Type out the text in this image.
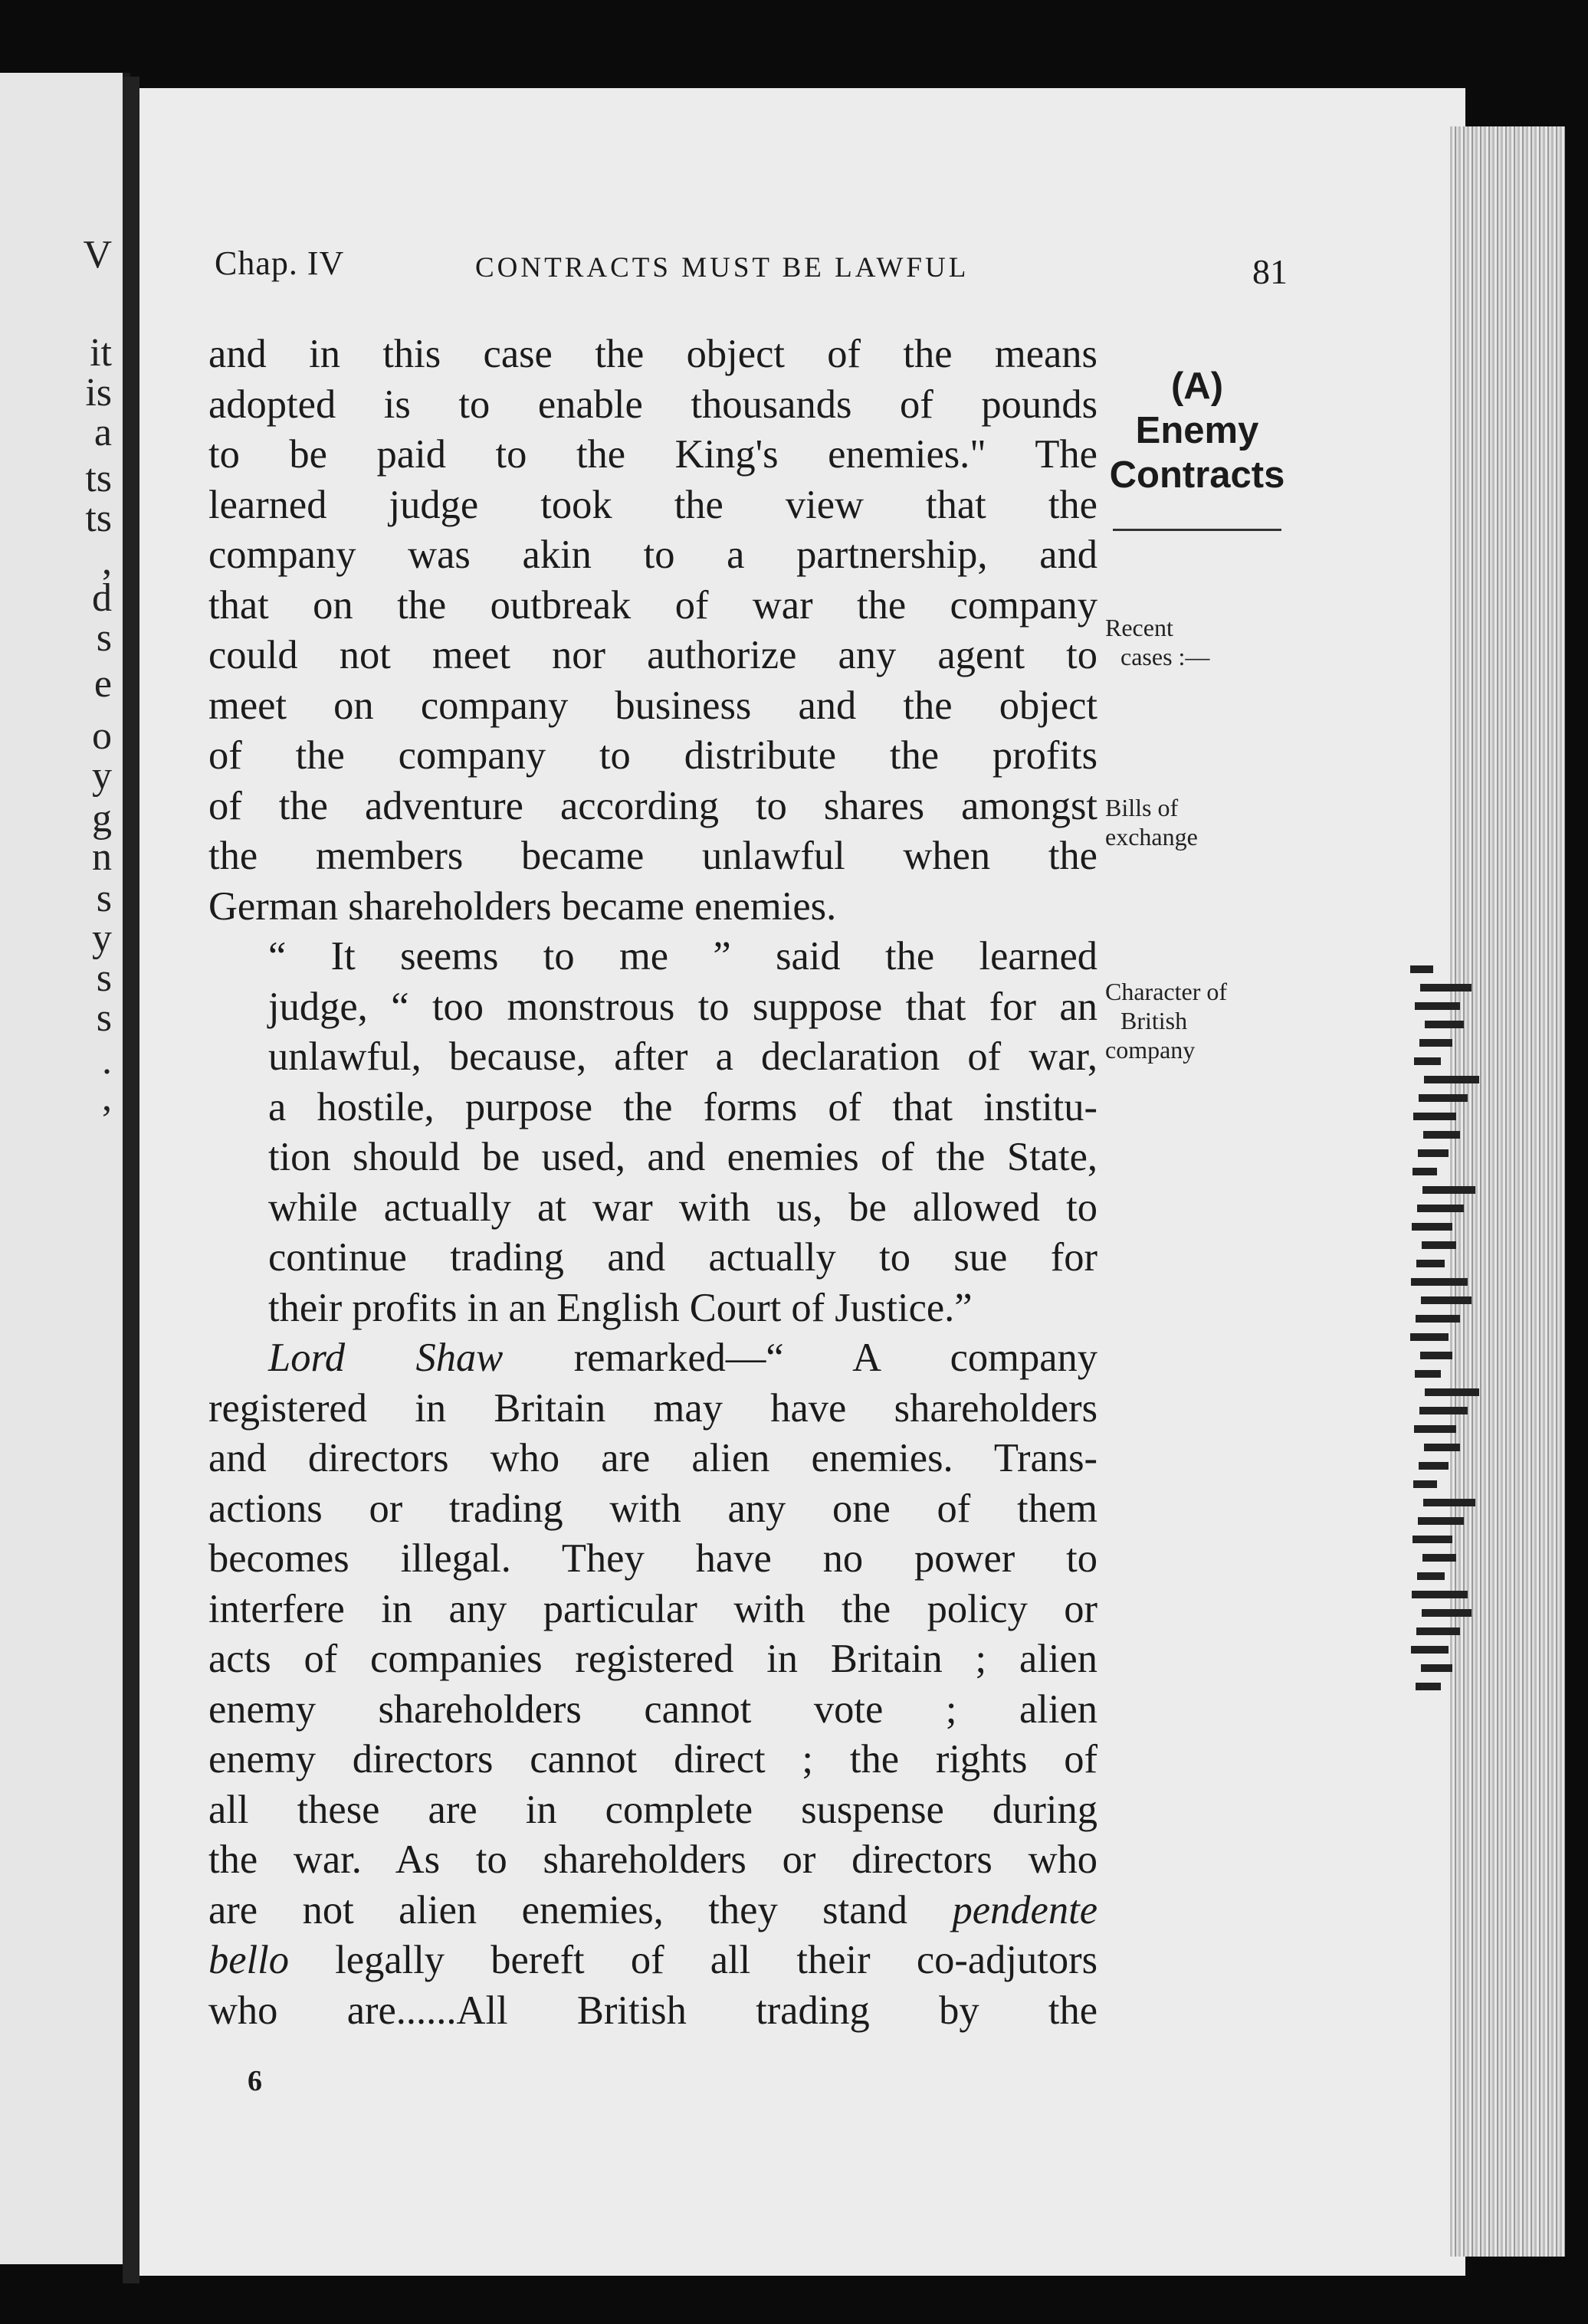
V
it
is
a
ts
ts
,
d
s
e
o
y
g
n
s
y
s
s
.
,
Chap. IV	CONTRACTS MUST BE LAWFUL	81
(A)
Enemy
Contracts
Recent
cases :—
Bills of
exchange
Character of
British
company

and in this case the object of the means
adopted is to enable thousands of pounds
to be paid to the King's enemies." The
learned judge took the view that the
company was akin to a partnership, and
that on the outbreak of war the company
could not meet nor authorize any agent to
meet on company business and the object
of the company to distribute the profits
of the adventure according to shares amongst
the members became unlawful when the
German shareholders became enemies.

“ It seems to me ” said the learned
judge, “ too monstrous to suppose that for an
unlawful, because, after a declaration of war,
a hostile, purpose the forms of that institu-
tion should be used, and enemies of the State,
while actually at war with us, be allowed to
continue trading and actually to sue for
their profits in an English Court of Justice.”

Lord Shaw remarked—“ A company
registered in Britain may have shareholders
and directors who are alien enemies. Trans-
actions or trading with any one of them
becomes illegal. They have no power to
interfere in any particular with the policy or
acts of companies registered in Britain ; alien
enemy shareholders cannot vote ; alien
enemy directors cannot direct ; the rights of
all these are in complete suspense during
the war. As to shareholders or directors who
are not alien enemies, they stand pendente
bello legally bereft of all their co-adjutors
who are......All British trading by the

6
